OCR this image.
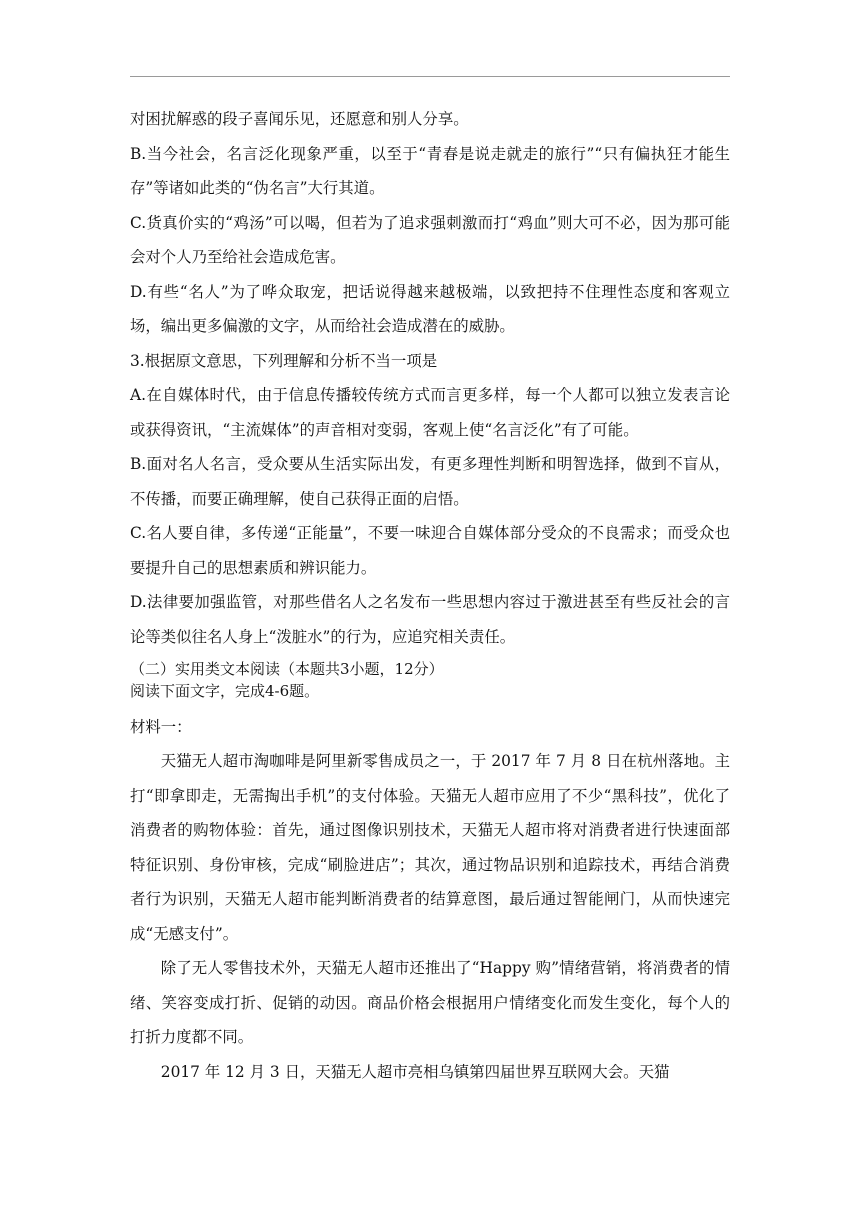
对困扰解惑的段子喜闻乐见，还愿意和别人分享。

B.当今社会，名言泛化现象严重，以至于“青春是说走就走的旅行”“只有偏执狂才能生存”等诸如此类的“伪名言”大行其道。

C.货真价实的“鸡汤”可以喝，但若为了追求强刺激而打“鸡血”则大可不必，因为那可能会对个人乃至给社会造成危害。

D.有些“名人”为了哗众取宠，把话说得越来越极端，以致把持不住理性态度和客观立场，编出更多偏激的文字，从而给社会造成潜在的威胁。

3.根据原文意思，下列理解和分析不当一项是

A.在自媒体时代，由于信息传播较传统方式而言更多样，每一个人都可以独立发表言论或获得资讯，“主流媒体”的声音相对变弱，客观上使“名言泛化”有了可能。

B.面对名人名言，受众要从生活实际出发，有更多理性判断和明智选择，做到不盲从，不传播，而要正确理解，使自己获得正面的启悟。

C.名人要自律，多传递“正能量”，不要一味迎合自媒体部分受众的不良需求；而受众也要提升自己的思想素质和辨识能力。

D.法律要加强监管，对那些借名人之名发布一些思想内容过于激进甚至有些反社会的言论等类似往名人身上“泼脏水”的行为，应追究相关责任。

（二）实用类文本阅读（本题共3小题，12分）

阅读下面文字，完成4-6题。

材料一：

天猫无人超市淘咖啡是阿里新零售成员之一，于 2017 年 7 月 8 日在杭州落地。主打“即拿即走，无需掏出手机”的支付体验。天猫无人超市应用了不少“黑科技”，优化了消费者的购物体验：首先，通过图像识别技术，天猫无人超市将对消费者进行快速面部特征识别、身份审核，完成“刷脸进店”；其次，通过物品识别和追踪技术，再结合消费者行为识别，天猫无人超市能判断消费者的结算意图，最后通过智能闸门，从而快速完成“无感支付”。

除了无人零售技术外，天猫无人超市还推出了“Happy 购”情绪营销，将消费者的情绪、笑容变成打折、促销的动因。商品价格会根据用户情绪变化而发生变化，每个人的打折力度都不同。

2017 年 12 月 3 日，天猫无人超市亮相乌镇第四届世界互联网大会。天猫
